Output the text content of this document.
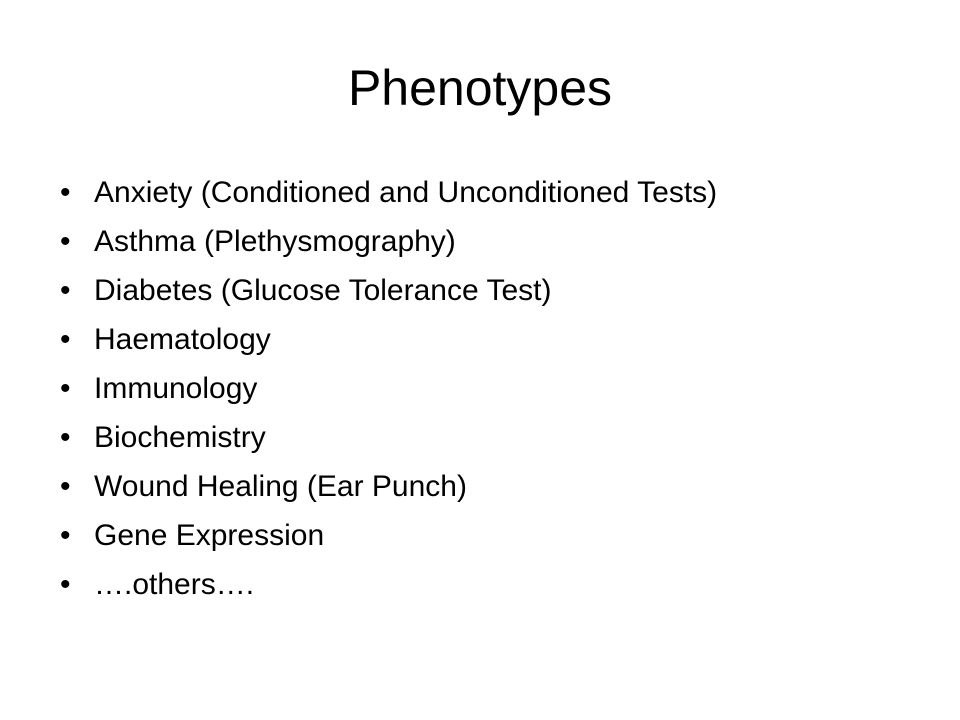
Phenotypes
• Anxiety (Conditioned and Unconditioned Tests)
• Asthma (Plethysmography)
• Diabetes (Glucose Tolerance Test)
• Haematology
• Immunology
• Biochemistry
• Wound Healing (Ear Punch)
• Gene Expression
• ….others….
